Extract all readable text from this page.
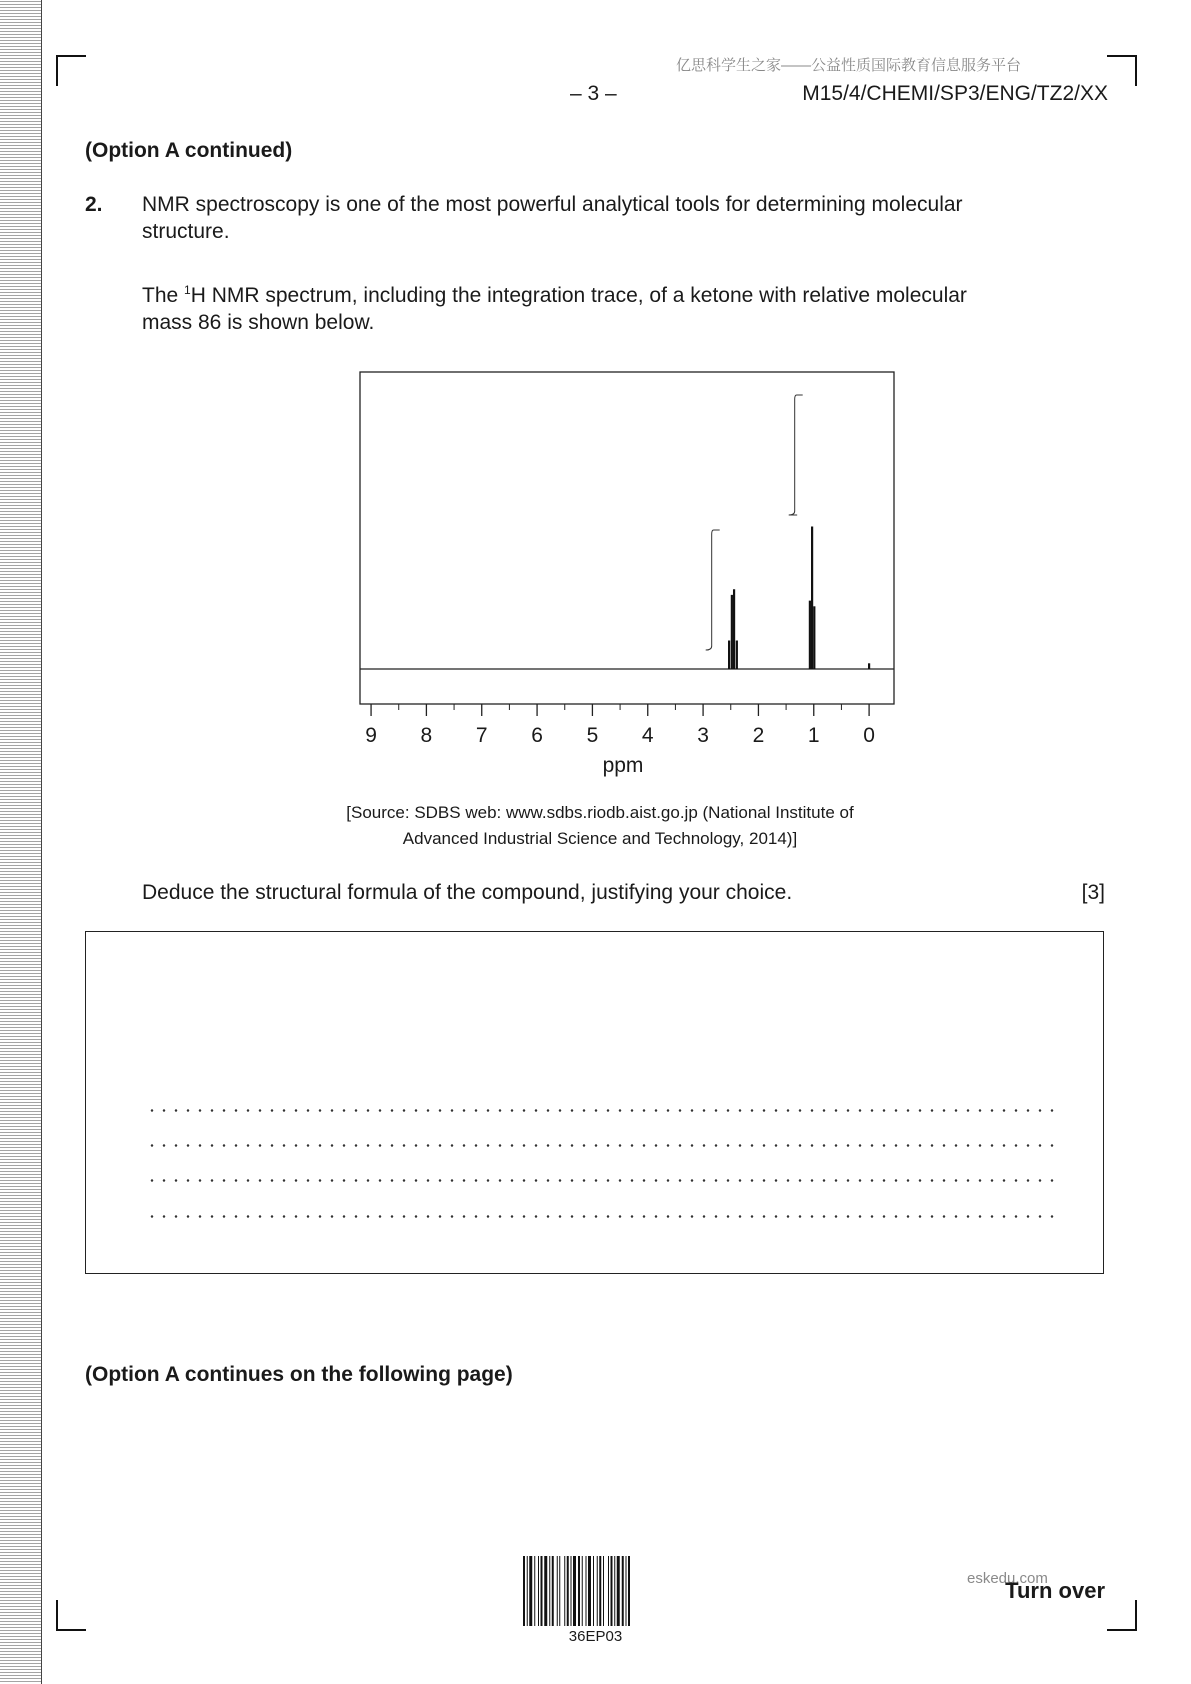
亿思科学生之家——公益性质国际教育信息服务平台
– 3 –	M15/4/CHEMI/SP3/ENG/TZ2/XX
(Option A continued)
2. NMR spectroscopy is one of the most powerful analytical tools for determining molecular structure.
The $^1$H NMR spectrum, including the integration trace, of a ketone with relative molecular mass 86 is shown below.
9 8 7 6 5 4 3 2 1 0
ppm
[Source: SDBS web: www.sdbs.riodb.aist.go.jp (National Institute of
Advanced Industrial Science and Technology, 2014)]
Deduce the structural formula of the compound, justifying your choice.	[3]
(Option A continues on the following page)
36EP03
eskedu.com
Turn over
